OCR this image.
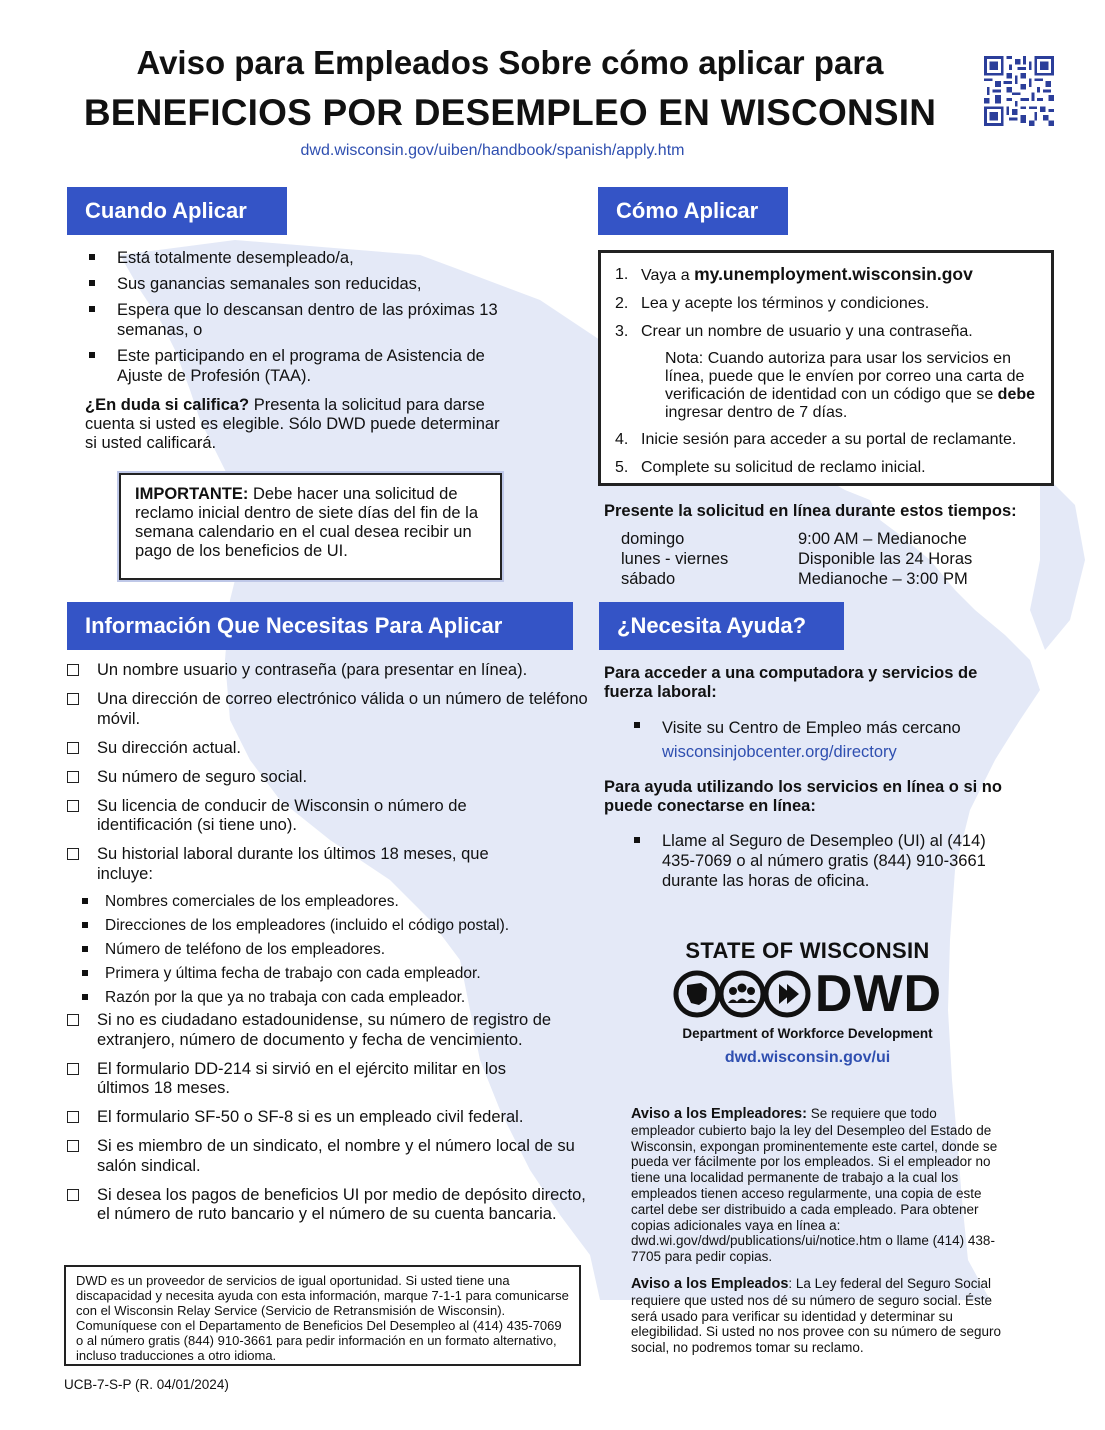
Aviso para Empleados Sobre cómo aplicar para
BENEFICIOS POR DESEMPLEO EN WISCONSIN
dwd.wisconsin.gov/uiben/handbook/spanish/apply.htm
Cuando Aplicar
Está totalmente desempleado/a,
Sus ganancias semanales son reducidas,
Espera que lo descansan dentro de las próximas 13 semanas, o
Este participando en el programa de Asistencia de Ajuste de Profesión (TAA).
¿En duda si califica? Presenta la solicitud para darse cuenta si usted es elegible. Sólo DWD puede determinar si usted calificará.
IMPORTANTE: Debe hacer una solicitud de reclamo inicial dentro de siete días del fin de la semana calendario en el cual desea recibir un pago de los beneficios de UI.
Cómo Aplicar
1. Vaya a my.unemployment.wisconsin.gov
2. Lea y acepte los términos y condiciones.
3. Crear un nombre de usuario y una contraseña.
Nota: Cuando autoriza para usar los servicios en línea, puede que le envíen por correo una carta de verificación de identidad con un código que se debe ingresar dentro de 7 días.
4. Inicie sesión para acceder a su portal de reclamante.
5. Complete su solicitud de reclamo inicial.
Presente la solicitud en línea durante estos tiempos:
domingo	9:00 AM – Medianoche
lunes - viernes	Disponible las 24 Horas
sábado	Medianoche – 3:00 PM
Información Que Necesitas Para Aplicar
Un nombre usuario y contraseña (para presentar en línea).
Una dirección de correo electrónico válida o un número de teléfono móvil.
Su dirección actual.
Su número de seguro social.
Su licencia de conducir de Wisconsin o número de identificación (si tiene uno).
Su historial laboral durante los últimos 18 meses, que incluye:
Nombres comerciales de los empleadores.
Direcciones de los empleadores (incluido el código postal).
Número de teléfono de los empleadores.
Primera y última fecha de trabajo con cada empleador.
Razón por la que ya no trabaja con cada empleador.
Si no es ciudadano estadounidense, su número de registro de extranjero, número de documento y fecha de vencimiento.
El formulario DD-214 si sirvió en el ejército militar en los últimos 18 meses.
El formulario SF-50 o SF-8 si es un empleado civil federal.
Si es miembro de un sindicato, el nombre y el número local de su salón sindical.
Si desea los pagos de beneficios UI por medio de depósito directo, el número de ruto bancario y el número de su cuenta bancaria.
¿Necesita Ayuda?
Para acceder a una computadora y servicios de fuerza laboral:
Visite su Centro de Empleo más cercano
wisconsinjobcenter.org/directory
Para ayuda utilizando los servicios en línea o si no puede conectarse en línea:
Llame al Seguro de Desempleo (UI) al (414) 435-7069 o al número gratis (844) 910-3661 durante las horas de oficina.
STATE OF WISCONSIN
DWD
Department of Workforce Development
dwd.wisconsin.gov/ui
Aviso a los Empleadores: Se requiere que todo empleador cubierto bajo la ley del Desempleo del Estado de Wisconsin, expongan prominentemente este cartel, donde se pueda ver fácilmente por los empleados. Si el empleador no tiene una localidad permanente de trabajo a la cual los empleados tienen acceso regularmente, una copia de este cartel debe ser distribuido a cada empleado. Para obtener copias adicionales vaya en línea a: dwd.wi.gov/dwd/publications/ui/notice.htm o llame (414) 438-7705 para pedir copias.
Aviso a los Empleados: La Ley federal del Seguro Social requiere que usted nos dé su número de seguro social. Éste será usado para verificar su identidad y determinar su elegibilidad. Si usted no nos provee con su número de seguro social, no podremos tomar su reclamo.
DWD es un proveedor de servicios de igual oportunidad. Si usted tiene una discapacidad y necesita ayuda con esta información, marque 7-1-1 para comunicarse con el Wisconsin Relay Service (Servicio de Retransmisión de Wisconsin). Comuníquese con el Departamento de Beneficios Del Desempleo al (414) 435-7069 o al número gratis (844) 910-3661 para pedir información en un formato alternativo, incluso traducciones a otro idioma.
UCB-7-S-P (R. 04/01/2024)
